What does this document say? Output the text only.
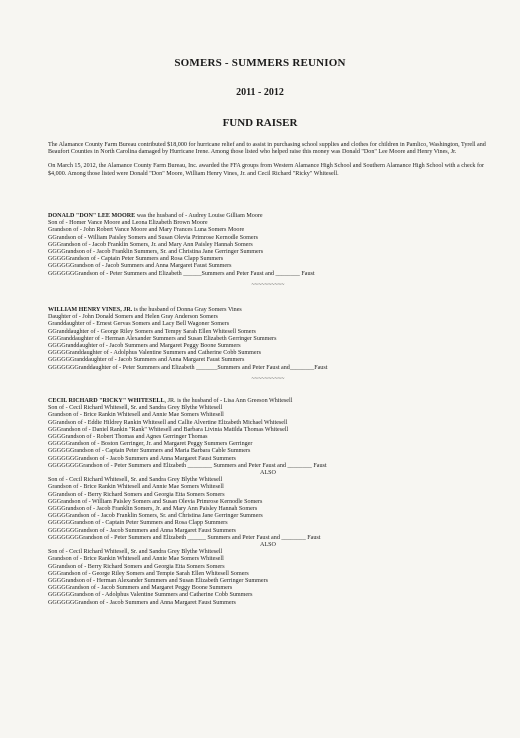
SOMERS - SUMMERS REUNION
2011 - 2012
FUND RAISER
The Alamance County Farm Bureau contributed $18,000 for hurricane relief and to assist in purchasing school supplies and clothes for children in Pamlico, Washington, Tyrell and Beaufort Counties in North Carolina damaged by Hurricane Irene. Among those listed who helped raise this money was Donald "Don" Lee Moore and Henry Vines, Jr.
On March 15, 2012, the Alamance County Farm Bureau, Inc. awarded the FFA groups from Western Alamance High School and Southern Alamance High School with a check for $4,000. Among those listed were Donald "Don" Moore, William Henry Vines, Jr. and Cecil Richard "Ricky" Whitesell.
DONALD "DON" LEE MOORE was the husband of - Audrey Louise Gilliam Moore
Son of - Homer Vance Moore and Leona Elizabeth Brown Moore
Grandson of - John Robert Vance Moore and Mary Frances Luna Somers Moore
GGrandson of - William Paisley Somers and Susan Olevia Primrose Kernodle Somers
GGGrandson of - Jacob Franklin Somers, Jr. and Mary Ann Paisley Hannah Somers
GGGGrandson of - Jacob Franklin Summers, Sr. and Christina Jane Gerringer Summers
GGGGGrandson of - Captain Peter Summers and Rosa Clapp Summers
GGGGGGrandson of - Jacob Summers and Anna Margaret Faust Summers
GGGGGGGrandson of - Peter Summers and Elizabeth ______Summers and Peter Faust and ________ Faust
~~~~~~~~~~
WILLIAM HENRY VINES, JR. is the husband of Donna Gray Somers Vines
Daughter of - John Donald Somers and Helen Gray Anderson Somers
Granddaughter of - Ernest Gervas Somers and Lacy Bell Wagoner Somers
GGranddaughter of - George Riley Somers and Tempy Sarah Ellen Whitesell Somers
GGGranddaughter of - Herman Alexander Summers and Susan Elizabeth Gerringer Summers
GGGGranddaughter of - Jacob Summers and Margaret Peggy Boone Summers
GGGGGranddaughter of - Adolphus Valentine Summers and Catherine Cobb Summers
GGGGGGranddaughter of - Jacob Summers and Anna Margaret Faust Summers
GGGGGGGranddaughter of - Peter Summers and Elizabeth _______Summers and Peter Faust and________Faust
~~~~~~~~~~
CECIL RICHARD "RICKY" WHITESELL, JR. is the husband of - Lisa Ann Greeson Whitesell
Son of - Cecil Richard Whitesell, Sr. and Sandra Grey Blythe Whitesell
Grandson of - Brice Rankin Whitesell and Annie Mae Somers Whitesell
GGrandson of - Eddie Hildrey Rankin Whitesell and Callie Alvertine Elizabeth Michael Whitesell
GGGrandson of - Daniel Rankin "Rank" Whitesell and Barbara Livinia Matilda Thomas Whitesell
GGGGrandson of - Robert Thomas and Agnes Gerringer Thomas
GGGGGrandson of - Boston Gerringer, Jr. and Margaret Peggy Summers Gerringer
GGGGGGrandson of - Captain Peter Summers and Maria Barbara Cable Summers
GGGGGGGrandson of - Jacob Summers and Anna Margaret Faust Summers
GGGGGGGGrandson of - Peter Summers and Elizabeth ________ Summers and Peter Faust and ________ Faust
ALSO
Son of - Cecil Richard Whitesell, Sr. and Sandra Grey Blythe Whitesell
Grandson of - Brice Rankin Whitesell and Annie Mae Somers Whitesell
GGrandson of - Berry Richard Somers and Georgia Etta Somers Somers
GGGrandson of - William Paisley Somers and Susan Olevia Primrose Kernodle Somers
GGGGrandson of - Jacob Franklin Somers, Jr. and Mary Ann Paisley Hannah Somers
GGGGGrandson of - Jacob Franklin Somers, Sr. and Christina Jane Gerringer Summers
GGGGGGrandson of - Captain Peter Summers and Rosa Clapp Summers
GGGGGGGrandson of - Jacob Summers and Anna Margaret Faust Summers
GGGGGGGGrandson of - Peter Summers and Elizabeth ______ Summers and Peter Faust and ________ Faust
ALSO
Son of - Cecil Richard Whitesell, Sr. and Sandra Grey Blythe Whitesell
Grandson of - Brice Rankin Whitesell and Annie Mae Somers Whitesell
GGrandson of - Berry Richard Somers and Georgia Etta Somers Somers
GGGrandson of - George Riley Somers and Tempie Sarah Ellen Whitesell Somers
GGGGrandson of - Herman Alexander Summers and Susan Elizabeth Gerringer Summers
GGGGGrandson of - Jacob Summers and Margaret Peggy Boone Summers
GGGGGGrandson of - Adolphus Valentine Summers and Catherine Cobb Summers
GGGGGGGrandson of - Jacob Summers and Anna Margaret Faust Summers
